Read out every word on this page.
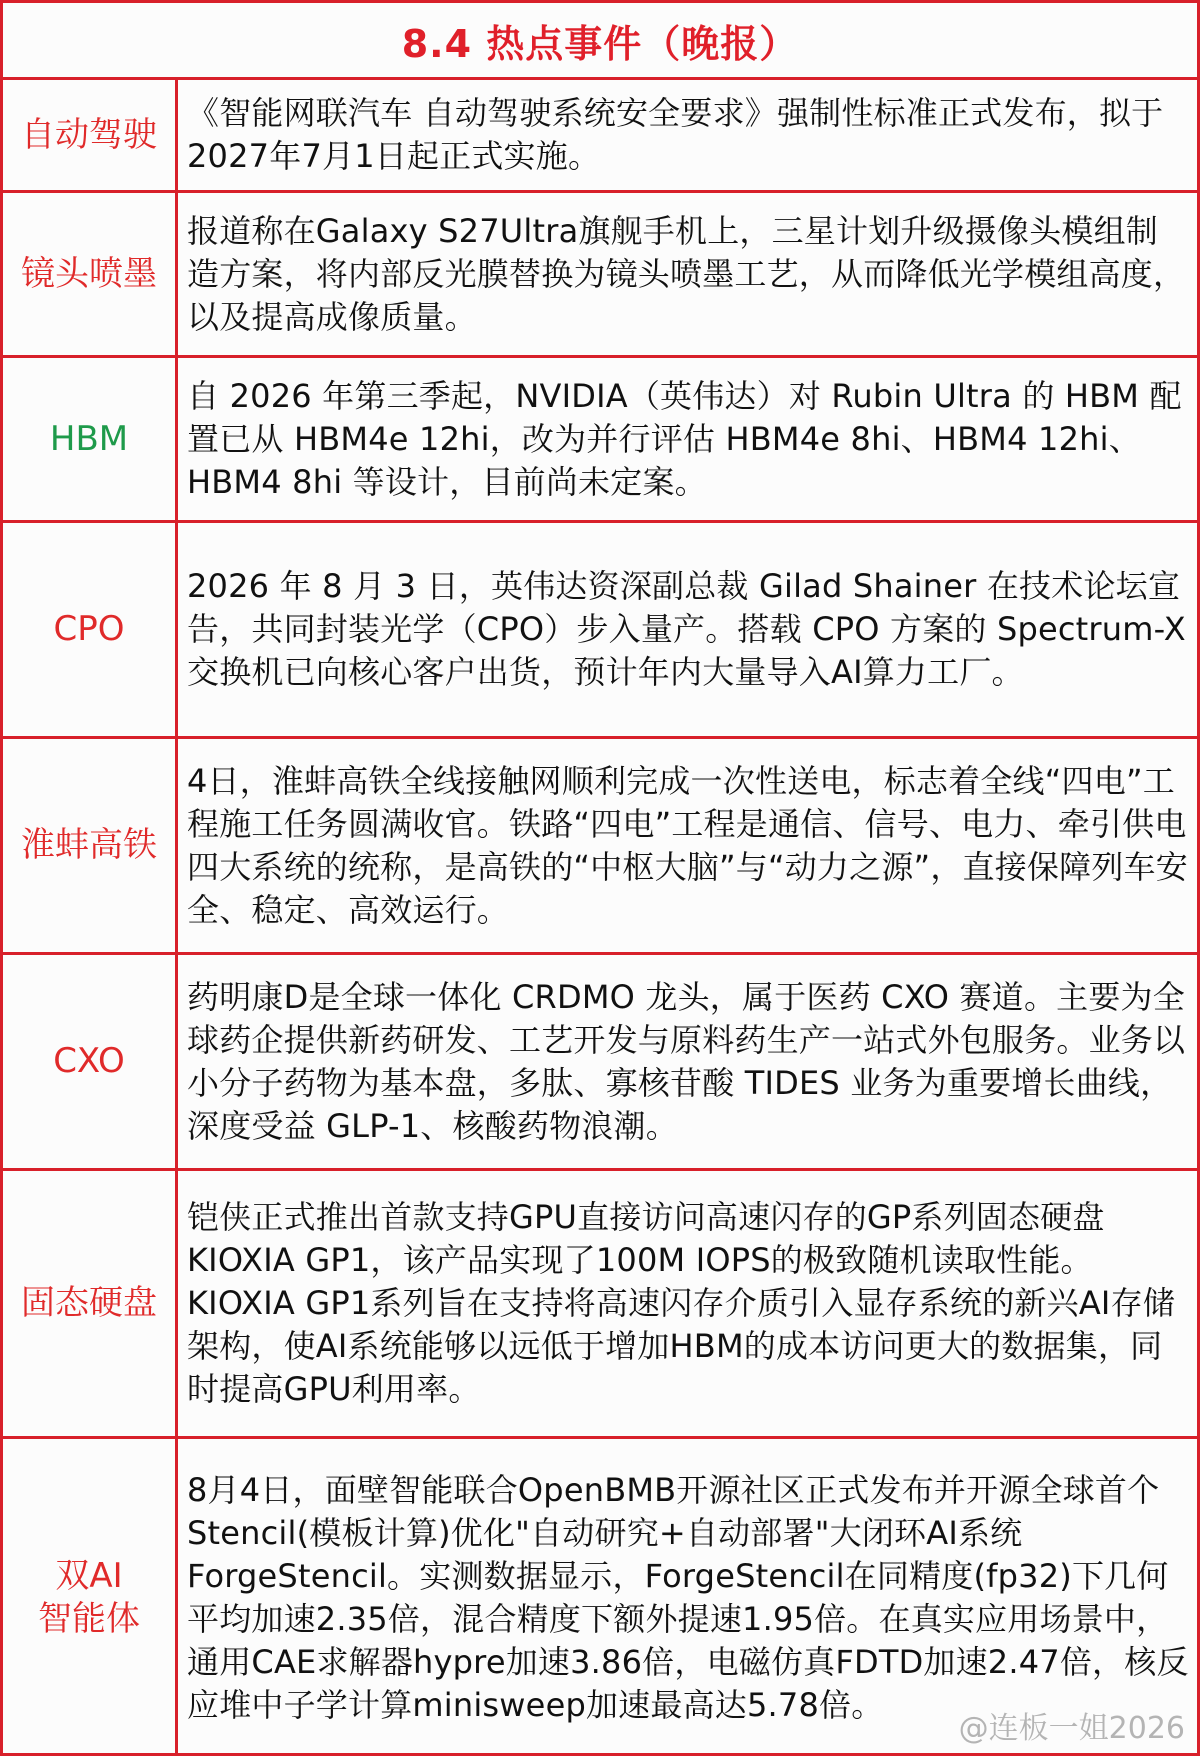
8.4 热点事件（晚报）
自动驾驶
《智能网联汽车 自动驾驶系统安全要求》强制性标准正式发布，拟于2027年7月1日起正式实施。
镜头喷墨
报道称在Galaxy S27Ultra旗舰手机上，三星计划升级摄像头模组制造方案，将内部反光膜替换为镜头喷墨工艺，从而降低光学模组高度，以及提高成像质量。
HBM
自 2026 年第三季起，NVIDIA（英伟达）对 Rubin Ultra 的 HBM 配置已从 HBM4e 12hi，改为并行评估 HBM4e 8hi、HBM4 12hi、HBM4 8hi 等设计，目前尚未定案。
CPO
2026 年 8 月 3 日，英伟达资深副总裁 Gilad Shainer 在技术论坛宣告，共同封装光学（CPO）步入量产。搭载 CPO 方案的 Spectrum-X 交换机已向核心客户出货，预计年内大量导入AI算力工厂。
淮蚌高铁
4日，淮蚌高铁全线接触网顺利完成一次性送电，标志着全线“四电”工程施工任务圆满收官。铁路“四电”工程是通信、信号、电力、牵引供电四大系统的统称，是高铁的“中枢大脑”与“动力之源”，直接保障列车安全、稳定、高效运行。
CXO
药明康D是全球一体化 CRDMO 龙头，属于医药 CXO 赛道。主要为全球药企提供新药研发、工艺开发与原料药生产一站式外包服务。业务以小分子药物为基本盘，多肽、寡核苷酸 TIDES 业务为重要增长曲线，深度受益 GLP-1、核酸药物浪潮。
固态硬盘
铠侠正式推出首款支持GPU直接访问高速闪存的GP系列固态硬盘KIOXIA GP1，该产品实现了100M IOPS的极致随机读取性能。KIOXIA GP1系列旨在支持将高速闪存介质引入显存系统的新兴AI存储架构，使AI系统能够以远低于增加HBM的成本访问更大的数据集，同时提高GPU利用率。
双AI
智能体
8月4日，面壁智能联合OpenBMB开源社区正式发布并开源全球首个Stencil(模板计算)优化"自动研究+自动部署"大闭环AI系统ForgeStencil。实测数据显示，ForgeStencil在同精度(fp32)下几何平均加速2.35倍，混合精度下额外提速1.95倍。在真实应用场景中，通用CAE求解器hypre加速3.86倍，电磁仿真FDTD加速2.47倍，核反应堆中子学计算minisweep加速最高达5.78倍。
@连板一姐2026
